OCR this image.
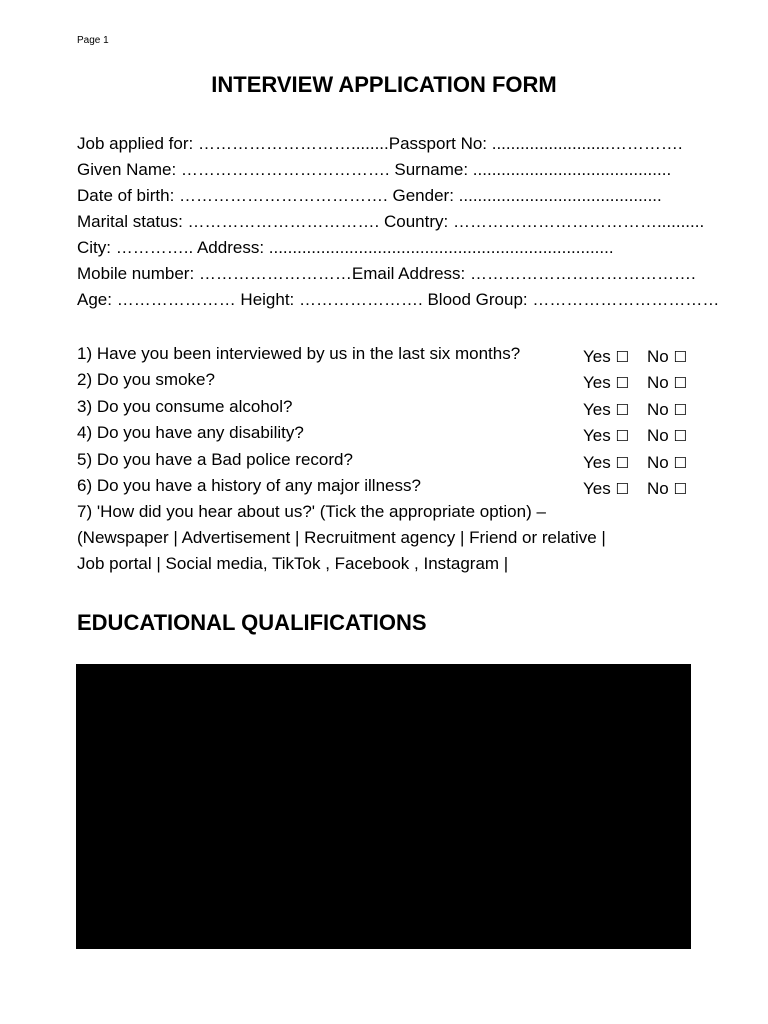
Page 1
INTERVIEW APPLICATION FORM
Job applied for: ………………………........Passport No: .........................………….
Given Name: ………………………………. Surname: ..........................................
Date of birth: ………………………………. Gender: ...........................................
Marital status: ……………………………. Country: ………………………………..........
City: ………….. Address: .........................................................................
Mobile number: ………………………Email Address: ………………………………….
Age: ………………… Height: …………………. Blood Group: ……………………………
1) Have you been interviewed by us in the last six months?	Yes ☐ No ☐
2) Do you smoke?	Yes ☐ No ☐
3) Do you consume alcohol?	Yes ☐ No ☐
4) Do you have any disability?	Yes ☐ No ☐
5) Do you have a Bad police record?	Yes ☐ No ☐
6) Do you have a history of any major illness?	Yes ☐ No ☐
7) 'How did you hear about us?' (Tick the appropriate option) –
(Newspaper | Advertisement | Recruitment agency | Friend or relative |
Job portal | Social media, TikTok , Facebook , Instagram |
EDUCATIONAL QUALIFICATIONS
